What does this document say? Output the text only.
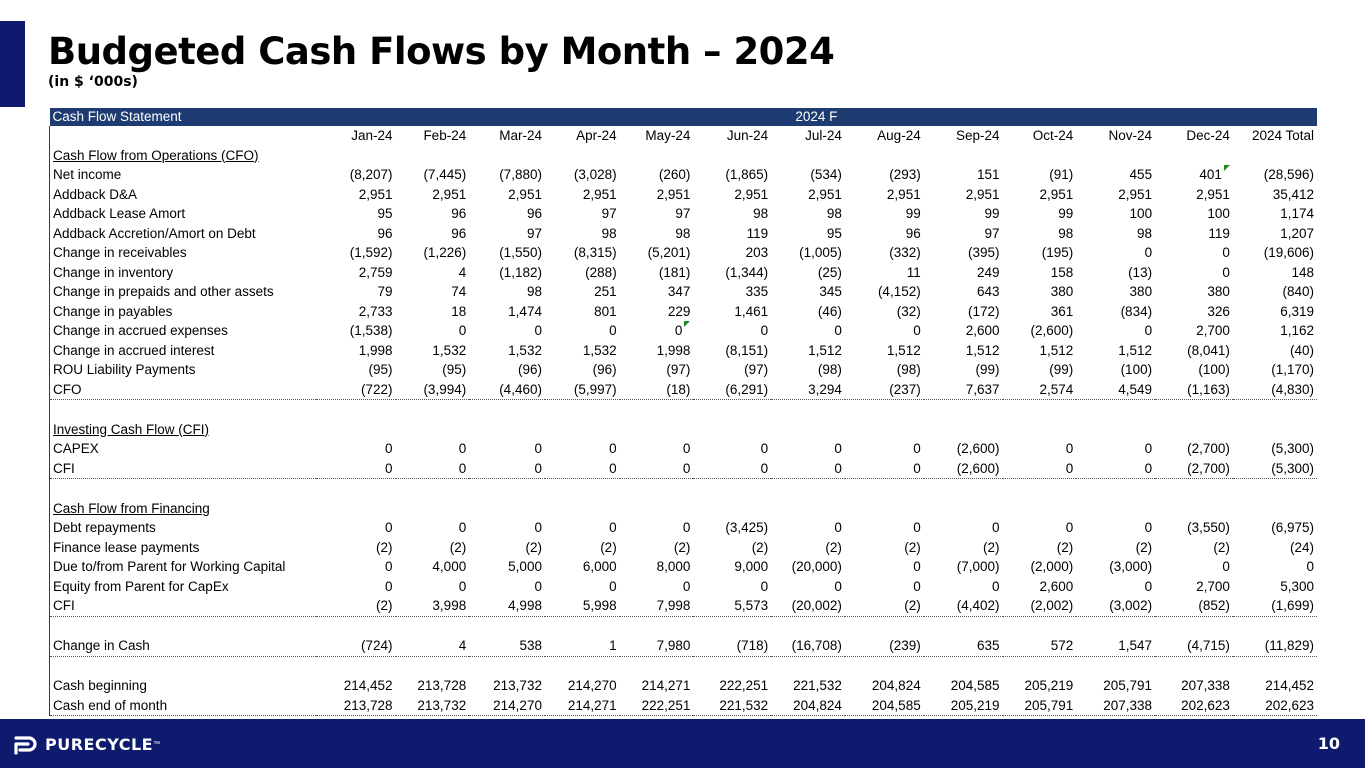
Budgeted Cash Flows by Month – 2024
(in $ ‘000s)
Cash Flow Statement	2024 F												
	Jan-24	Feb-24	Mar-24	Apr-24	May-24	Jun-24	Jul-24	Aug-24	Sep-24	Oct-24	Nov-24	Dec-24	2024 Total
Cash Flow from Operations (CFO)													
Net income	(8,207)	(7,445)	(7,880)	(3,028)	(260)	(1,865)	(534)	(293)	151	(91)	455	401	(28,596)
Addback D&A	2,951	2,951	2,951	2,951	2,951	2,951	2,951	2,951	2,951	2,951	2,951	2,951	35,412
Addback Lease Amort	95	96	96	97	97	98	98	99	99	99	100	100	1,174
Addback Accretion/Amort on Debt	96	96	97	98	98	119	95	96	97	98	98	119	1,207
Change in receivables	(1,592)	(1,226)	(1,550)	(8,315)	(5,201)	203	(1,005)	(332)	(395)	(195)	0	0	(19,606)
Change in inventory	2,759	4	(1,182)	(288)	(181)	(1,344)	(25)	11	249	158	(13)	0	148
Change in prepaids and other assets	79	74	98	251	347	335	345	(4,152)	643	380	380	380	(840)
Change in payables	2,733	18	1,474	801	229	1,461	(46)	(32)	(172)	361	(834)	326	6,319
Change in accrued expenses	(1,538)	0	0	0	0	0	0	0	2,600	(2,600)	0	2,700	1,162
Change in accrued interest	1,998	1,532	1,532	1,532	1,998	(8,151)	1,512	1,512	1,512	1,512	1,512	(8,041)	(40)
ROU Liability Payments	(95)	(95)	(96)	(96)	(97)	(97)	(98)	(98)	(99)	(99)	(100)	(100)	(1,170)
CFO	(722)	(3,994)	(4,460)	(5,997)	(18)	(6,291)	3,294	(237)	7,637	2,574	4,549	(1,163)	(4,830)

Investing Cash Flow (CFI)													
CAPEX	0	0	0	0	0	0	0	0	(2,600)	0	0	(2,700)	(5,300)
CFI	0	0	0	0	0	0	0	0	(2,600)	0	0	(2,700)	(5,300)

Cash Flow from Financing													
Debt repayments	0	0	0	0	0	(3,425)	0	0	0	0	0	(3,550)	(6,975)
Finance lease payments	(2)	(2)	(2)	(2)	(2)	(2)	(2)	(2)	(2)	(2)	(2)	(2)	(24)
Due to/from Parent for Working Capital	0	4,000	5,000	6,000	8,000	9,000	(20,000)	0	(7,000)	(2,000)	(3,000)	0	0
Equity from Parent for CapEx	0	0	0	0	0	0	0	0	0	2,600	0	2,700	5,300
CFI	(2)	3,998	4,998	5,998	7,998	5,573	(20,002)	(2)	(4,402)	(2,002)	(3,002)	(852)	(1,699)

Change in Cash	(724)	4	538	1	7,980	(718)	(16,708)	(239)	635	572	1,547	(4,715)	(11,829)

Cash beginning	214,452	213,728	213,732	214,270	214,271	222,251	221,532	204,824	204,585	205,219	205,791	207,338	214,452
Cash end of month	213,728	213,732	214,270	214,271	222,251	221,532	204,824	204,585	205,219	205,791	207,338	202,623	202,623
PURECYCLE ™	10
